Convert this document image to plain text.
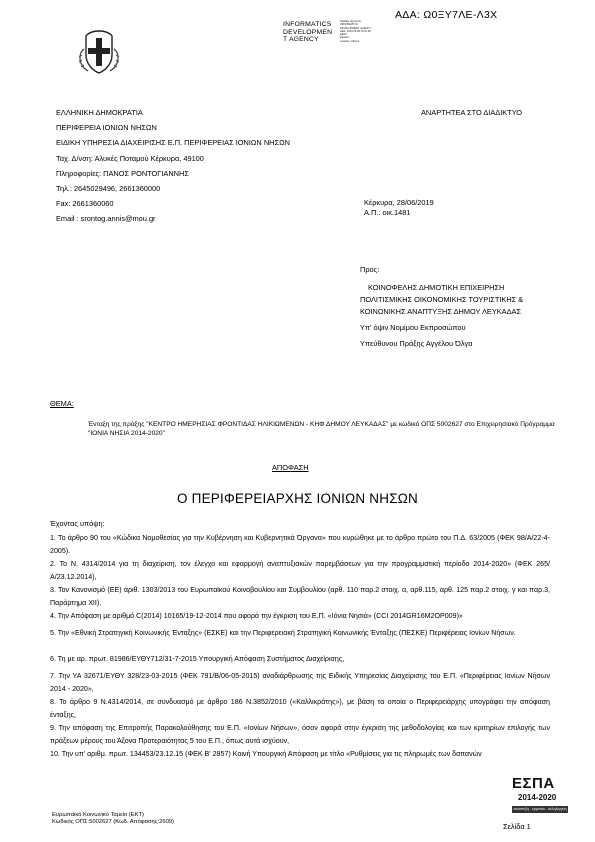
ΑΔΑ: Ω0ΞΥ7ΛΕ-Λ3Χ
INFORMATICS
DEVELOPMEN
T AGENCY
Digitally signed by
INFORMATICS
DEVELOPMENT AGENCY
Date: 2019.06.28 15:51:38
EEST
Reason:
Location: Athens
ΕΛΛΗΝΙΚΗ ΔΗΜΟΚΡΑΤΙΑ
ΠΕΡΙΦΕΡΕΙΑ ΙΟΝΙΩΝ ΝΗΣΩΝ
ΕΙΔΙΚΗ ΥΠΗΡΕΣΙΑ ΔΙΑΧΕΙΡΙΣΗΣ Ε.Π. ΠΕΡΙΦΕΡΕΙΑΣ ΙΟΝΙΩΝ ΝΗΣΩΝ
Ταχ. Δ/νση: Αλυκές Ποταμού Κέρκυρα, 49100
Πληροφορίες: ΠΑΝΟΣ ΡΟΝΤΟΓΙΑΝΝΗΣ
Τηλ.: 2645029496, 2661360000
Fax: 2661360060
Email : srontog.annis@mou.gr
ΑΝΑΡΤΗΤΕΑ ΣΤΟ ΔΙΑΔΙΚΤΥΟ
Κέρκυρα, 28/06/2019
Α.Π.: οικ.1481
Προς:
ΚΟΙΝΟΦΕΛΗΣ ΔΗΜΟΤΙΚΗ ΕΠΙΧΕΙΡΗΣΗ
ΠΟΛΙΤΙΣΜΙΚΗΣ ΟΙΚΟΝΟΜΙΚΗΣ ΤΟΥΡΙΣΤΙΚΗΣ &
ΚΟΙΝΩΝΙΚΗΣ ΑΝΑΠΤΥΞΗΣ ΔΗΜΟΥ ΛΕΥΚΑΔΑΣ
Υπ' όψιν Νομίμου Εκπροσώπου
Υπεύθυνου Πράξης Αγγέλου Όλγα
ΘΕΜΑ:
Ένταξη της πράξης "ΚΕΝΤΡΟ ΗΜΕΡΗΣΙΑΣ ΦΡΟΝΤΙΔΑΣ ΗΛΙΚΙΩΜΕΝΩΝ - ΚΗΦ ΔΗΜΟΥ ΛΕΥΚΑΔΑΣ" με κωδικό ΟΠΣ 5002627 στο Επιχειρησιακό Πρόγραμμα "ΙΟΝΙΑ ΝΗΣΙΑ 2014-2020"
ΑΠΟΦΑΣΗ
Ο ΠΕΡΙΦΕΡΕΙΑΡΧΗΣ ΙΟΝΙΩΝ ΝΗΣΩΝ
Έχοντας υπόψη:
1. Το άρθρο 90 του «Κώδικα Νομοθεσίας για την Κυβέρνηση και Κυβερνητικά Όργανα» που κυρώθηκε με το άρθρο πρώτο του Π.Δ. 63/2005 (ΦΕΚ 98/Α/22-4-2005).
2. Το Ν. 4314/2014 για τη διαχείριση, τον έλεγχο και εφαρμογή αναπτυξιακών παρεμβάσεων για την προγραμματική περίοδο 2014-2020» (ΦΕΚ 265/Α/23.12.2014),
3. Τον Κανονισμό (ΕΕ) αριθ. 1303/2013 του Ευρωπαϊκού Κοινοβουλίου και Συμβουλίου (αρθ. 110 παρ.2 στοιχ. α, αρθ.115, αρθ. 125 παρ.2 στοιχ. γ και παρ.3, Παράρτημα XII).
4. Την Απόφαση με αριθμό C(2014) 10165/19-12-2014 που αφορά την έγκριση του Ε.Π. «Ιόνια Νησιά» (CCI 2014GR16M2OP009)»
5. Την «Εθνική Στρατηγική Κοινωνικής Ένταξης» (ΕΣΚΕ) και την Περιφερειακή Στρατηγική Κοινωνικής Ένταξης (ΠΕΣΚΕ) Περιφέρειας Ιονίων Νήσων.
6. Τη με αρ. πρωτ. 81986/ΕΥΘΥ712/31-7-2015 Υπουργική Απόφαση Συστήματος Διαχείρισης,
7. Την ΥΑ 32671/ΕΥΘΥ 328/23-03-2015 (ΦΕΚ 791/Β/06-05-2015) αναδιάρθρωσης της Ειδικής Υπηρεσίας Διαχείρισης του Ε.Π. «Περιφέρειας Ιονίων Νήσων 2014 - 2020»,
8. Το άρθρο 9 Ν.4314/2014, σε συνδυασμό με άρθρο 186 Ν.3852/2010 («Καλλικράτης»), με βάση τα οποία ο Περιφερειάρχης υπογράφει την απόφαση ένταξης,
9. Την απόφαση της Επιτροπής Παρακολούθησης του Ε.Π. «Ιονίων Νήσων», όσον αφορά στην έγκριση της μεθοδολογίας και των κριτηρίων επιλογής των πράξεων μέρους του Άξονα Προτεραιότητας 5 του Ε.Π., όπως αυτά ισχύουν,
10. Την υπ' αριθμ. πρωτ. 134453/23.12.15 (ΦΕΚ Β' 2857) Κοινή Υπουργική Απόφαση με τίτλο «Ρυθμίσεις για τις πληρωμές των δαπανών
ΕΣΠΑ
2014-2020
ανάπτυξη - εργασία - αλληλεγγύη
Ευρωπαϊκό Κοινωνικό Ταμείο (ΕΚΤ)
Κωδικός ΟΠΣ:5002627 (Κωδ. Απόφασης:2609)	Σελίδα 1
